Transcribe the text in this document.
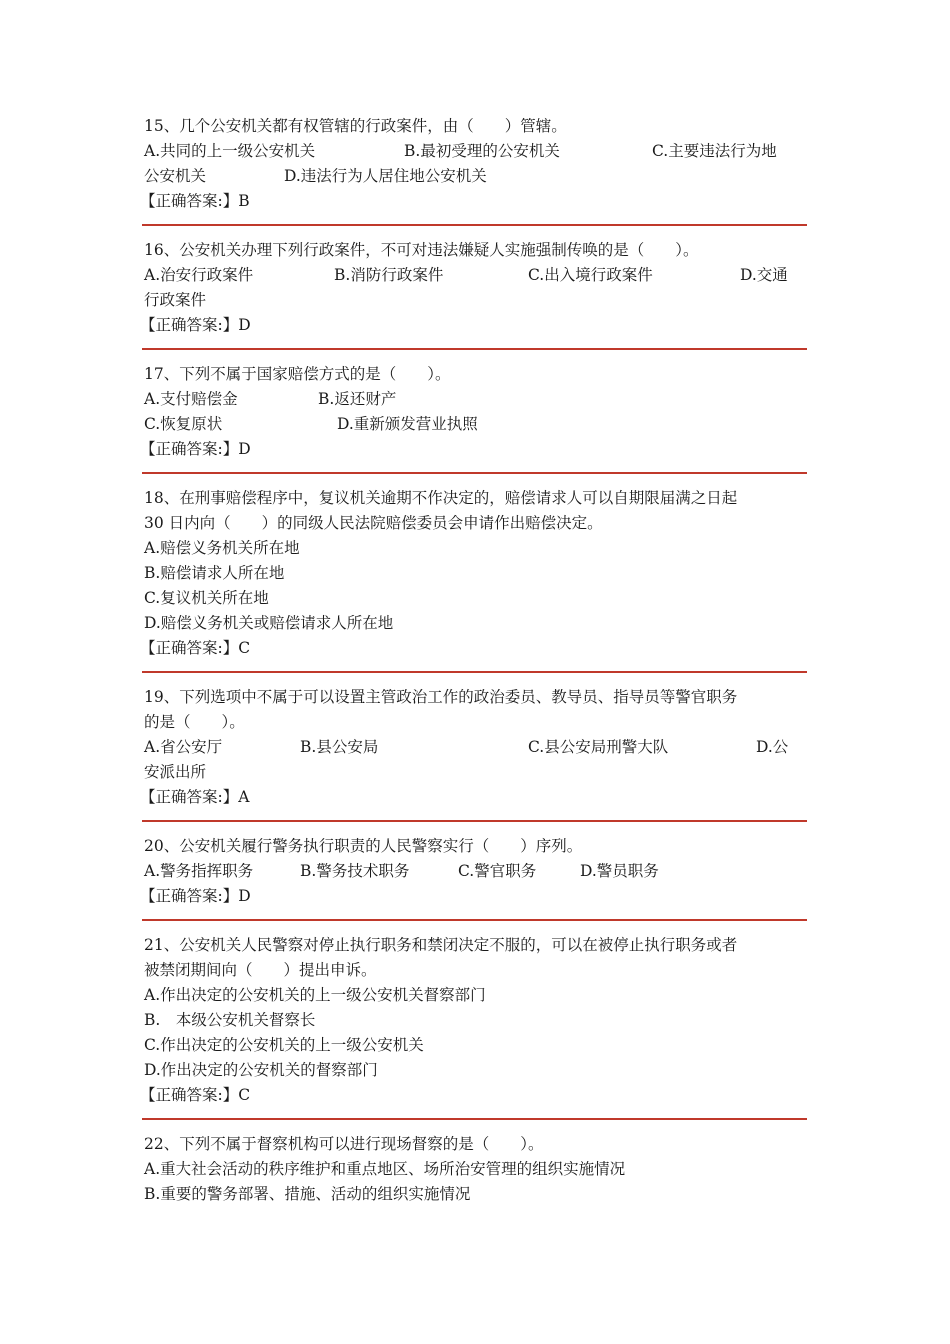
15、几个公安机关都有权管辖的行政案件，由（　　）管辖。
A.共同的上一级公安机关	B.最初受理的公安机关	C.主要违法行为地
公安机关	D.违法行为人居住地公安机关
【正确答案:】B
16、公安机关办理下列行政案件，不可对违法嫌疑人实施强制传唤的是（　　）。
A.治安行政案件	B.消防行政案件	C.出入境行政案件	D.交通
行政案件
【正确答案:】D
17、下列不属于国家赔偿方式的是（　　）。
A.支付赔偿金	B.返还财产
C.恢复原状	D.重新颁发营业执照
【正确答案:】D
18、在刑事赔偿程序中，复议机关逾期不作决定的，赔偿请求人可以自期限届满之日起
30 日内向（　　）的同级人民法院赔偿委员会申请作出赔偿决定。
A.赔偿义务机关所在地
B.赔偿请求人所在地
C.复议机关所在地
D.赔偿义务机关或赔偿请求人所在地
【正确答案:】C
19、下列选项中不属于可以设置主管政治工作的政治委员、教导员、指导员等警官职务
的是（　　）。
A.省公安厅	B.县公安局	C.县公安局刑警大队	D.公
安派出所
【正确答案:】A
20、公安机关履行警务执行职责的人民警察实行（　　）序列。
A.警务指挥职务	B.警务技术职务	C.警官职务	D.警员职务
【正确答案:】D
21、公安机关人民警察对停止执行职务和禁闭决定不服的，可以在被停止执行职务或者
被禁闭期间向（　　）提出申诉。
A.作出决定的公安机关的上一级公安机关督察部门
B.　本级公安机关督察长
C.作出决定的公安机关的上一级公安机关
D.作出决定的公安机关的督察部门
【正确答案:】C
22、下列不属于督察机构可以进行现场督察的是（　　）。
A.重大社会活动的秩序维护和重点地区、场所治安管理的组织实施情况
B.重要的警务部署、措施、活动的组织实施情况
